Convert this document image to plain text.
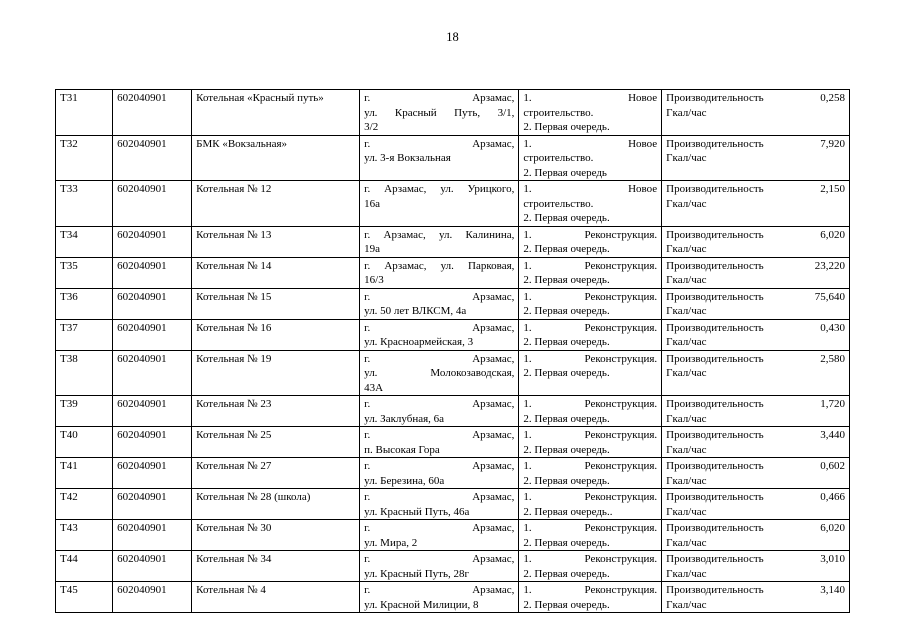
18
Т31	602040901	Котельная «Красный путь»	г. Арзамас,
ул. Красный Путь, 3/1,
3/2	1. Новое
строительство.
2. Первая очередь.	Производительность
Гкал/час	0,258
Т32	602040901	БМК «Вокзальная»	г. Арзамас,
ул. 3-я Вокзальная	1. Новое
строительство.
2. Первая очередь	Производительность
Гкал/час	7,920
Т33	602040901	Котельная № 12	г. Арзамас, ул. Урицкого,
16а	1. Новое
строительство.
2. Первая очередь.	Производительность
Гкал/час	2,150
Т34	602040901	Котельная № 13	г. Арзамас, ул. Калинина,
19а	1. Реконструкция.
2. Первая очередь.	Производительность
Гкал/час	6,020
Т35	602040901	Котельная № 14	г. Арзамас, ул. Парковая,
16/3	1. Реконструкция.
2. Первая очередь.	Производительность
Гкал/час	23,220
Т36	602040901	Котельная № 15	г. Арзамас,
ул. 50 лет ВЛКСМ, 4а	1. Реконструкция.
2. Первая очередь.	Производительность
Гкал/час	75,640
Т37	602040901	Котельная № 16	г. Арзамас,
ул. Красноармейская, 3	1. Реконструкция.
2. Первая очередь.	Производительность
Гкал/час	0,430
Т38	602040901	Котельная № 19	г. Арзамас,
ул. Молокозаводская,
43А	1. Реконструкция.
2. Первая очередь.	Производительность
Гкал/час	2,580
Т39	602040901	Котельная № 23	г. Арзамас,
ул. Заклубная, 6а	1. Реконструкция.
2. Первая очередь.	Производительность
Гкал/час	1,720
Т40	602040901	Котельная № 25	г. Арзамас,
п. Высокая Гора	1. Реконструкция.
2. Первая очередь.	Производительность
Гкал/час	3,440
Т41	602040901	Котельная № 27	г. Арзамас,
ул. Березина, 60а	1. Реконструкция.
2. Первая очередь.	Производительность
Гкал/час	0,602
Т42	602040901	Котельная № 28 (школа)	г. Арзамас,
ул. Красный Путь, 46а	1. Реконструкция.
2. Первая очередь..	Производительность
Гкал/час	0,466
Т43	602040901	Котельная № 30	г. Арзамас,
ул. Мира, 2	1. Реконструкция.
2. Первая очередь.	Производительность
Гкал/час	6,020
Т44	602040901	Котельная № 34	г. Арзамас,
ул. Красный Путь, 28г	1. Реконструкция.
2. Первая очередь.	Производительность
Гкал/час	3,010
Т45	602040901	Котельная № 4	г. Арзамас,
ул. Красной Милиции, 8	1. Реконструкция.
2. Первая очередь.	Производительность
Гкал/час	3,140
